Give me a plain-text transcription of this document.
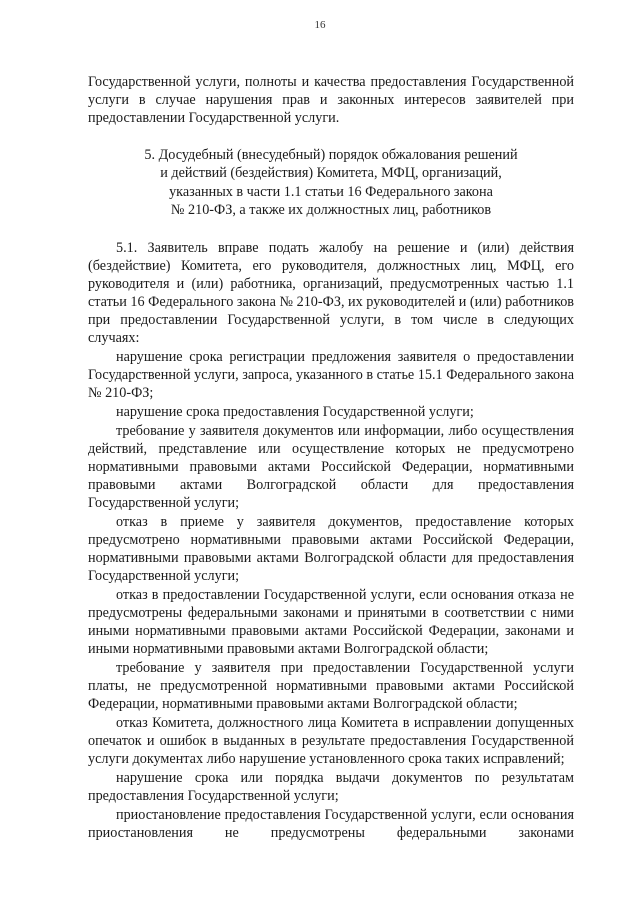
16

Государственной услуги, полноты и качества предоставления Государственной услуги в случае нарушения прав и законных интересов заявителей при предоставлении Государственной услуги.

5. Досудебный (внесудебный) порядок обжалования решений
и действий (бездействия) Комитета, МФЦ, организаций,
указанных в части 1.1 статьи 16 Федерального закона
№ 210-ФЗ, а также их должностных лиц, работников

5.1. Заявитель вправе подать жалобу на решение и (или) действия (бездействие) Комитета, его руководителя, должностных лиц, МФЦ, его руководителя и (или) работника, организаций, предусмотренных частью 1.1 статьи 16 Федерального закона № 210-ФЗ, их руководителей и (или) работников при предоставлении Государственной услуги, в том числе в следующих случаях:

нарушение срока регистрации предложения заявителя о предоставлении Государственной услуги, запроса, указанного в статье 15.1 Федерального закона № 210-ФЗ;

нарушение срока предоставления Государственной услуги;

требование у заявителя документов или информации, либо осуществления действий, представление или осуществление которых не предусмотрено нормативными правовыми актами Российской Федерации, нормативными правовыми актами Волгоградской области для предоставления Государственной услуги;

отказ в приеме у заявителя документов, предоставление которых предусмотрено нормативными правовыми актами Российской Федерации, нормативными правовыми актами Волгоградской области для предоставления Государственной услуги;

отказ в предоставлении Государственной услуги, если основания отказа не предусмотрены федеральными законами и принятыми в соответствии с ними иными нормативными правовыми актами Российской Федерации, законами и иными нормативными правовыми актами Волгоградской области;

требование у заявителя при предоставлении Государственной услуги платы, не предусмотренной нормативными правовыми актами Российской Федерации, нормативными правовыми актами Волгоградской области;

отказ Комитета, должностного лица Комитета в исправлении допущенных опечаток и ошибок в выданных в результате предоставления Государственной услуги документах либо нарушение установленного срока таких исправлений;

нарушение срока или порядка выдачи документов по результатам предоставления Государственной услуги;

приостановление предоставления Государственной услуги, если основания приостановления не предусмотрены федеральными законами
